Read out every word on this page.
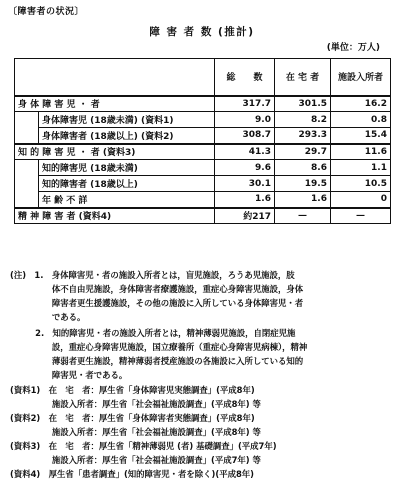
〔障害者の状況〕
障 害 者 数 (推計)
(単位：万人)
		総　　数	在 宅 者	施設入所者
身 体 障 害 児 ・ 者		317.7	301.5	16.2
	身体障害児 (18歳未満) (資料1)	9.0	8.2	0.8
	身体障害者 (18歳以上) (資料2)	308.7	293.3	15.4
知 的 障 害 児 ・ 者 (資料3)		41.3	29.7	11.6
	知的障害児 (18歳未満)	9.6	8.6	1.1
	知的障害者 (18歳以上)	30.1	19.5	10.5
	年 齢 不 詳	1.6	1.6	0
精 神 障 害 者 (資料4)		約217	—	—
(注)　1.　身体障害児・者の施設入所者とは，盲児施設，ろうあ児施設，肢
　　　　　体不自由児施設，身体障害者療護施設，重症心身障害児施設，身体
　　　　　障害者更生援護施設，その他の施設に入所している身体障害児・者
　　　　　である。
　　　2.　知的障害児・者の施設入所者とは，精神薄弱児施設，自閉症児施
　　　　　設，重症心身障害児施設，国立療養所（重症心身障害児病棟），精神
　　　　　薄弱者更生施設，精神薄弱者授産施設の各施設に入所している知的
　　　　　障害児・者である。
(資料1)　在　宅　者：厚生省「身体障害児実態調査」(平成8年)
　　　　　施設入所者：厚生省「社会福祉施設調査」(平成8年) 等
(資料2)　在　宅　者：厚生省「身体障害者実態調査」(平成8年)
　　　　　施設入所者：厚生省「社会福祉施設調査」(平成8年) 等
(資料3)　在　宅　者：厚生省「精神薄弱児 (者) 基礎調査」(平成7年)
　　　　　施設入所者：厚生省「社会福祉施設調査」(平成7年) 等
(資料4)　厚生省「患者調査」(知的障害児・者を除く)(平成8年)
